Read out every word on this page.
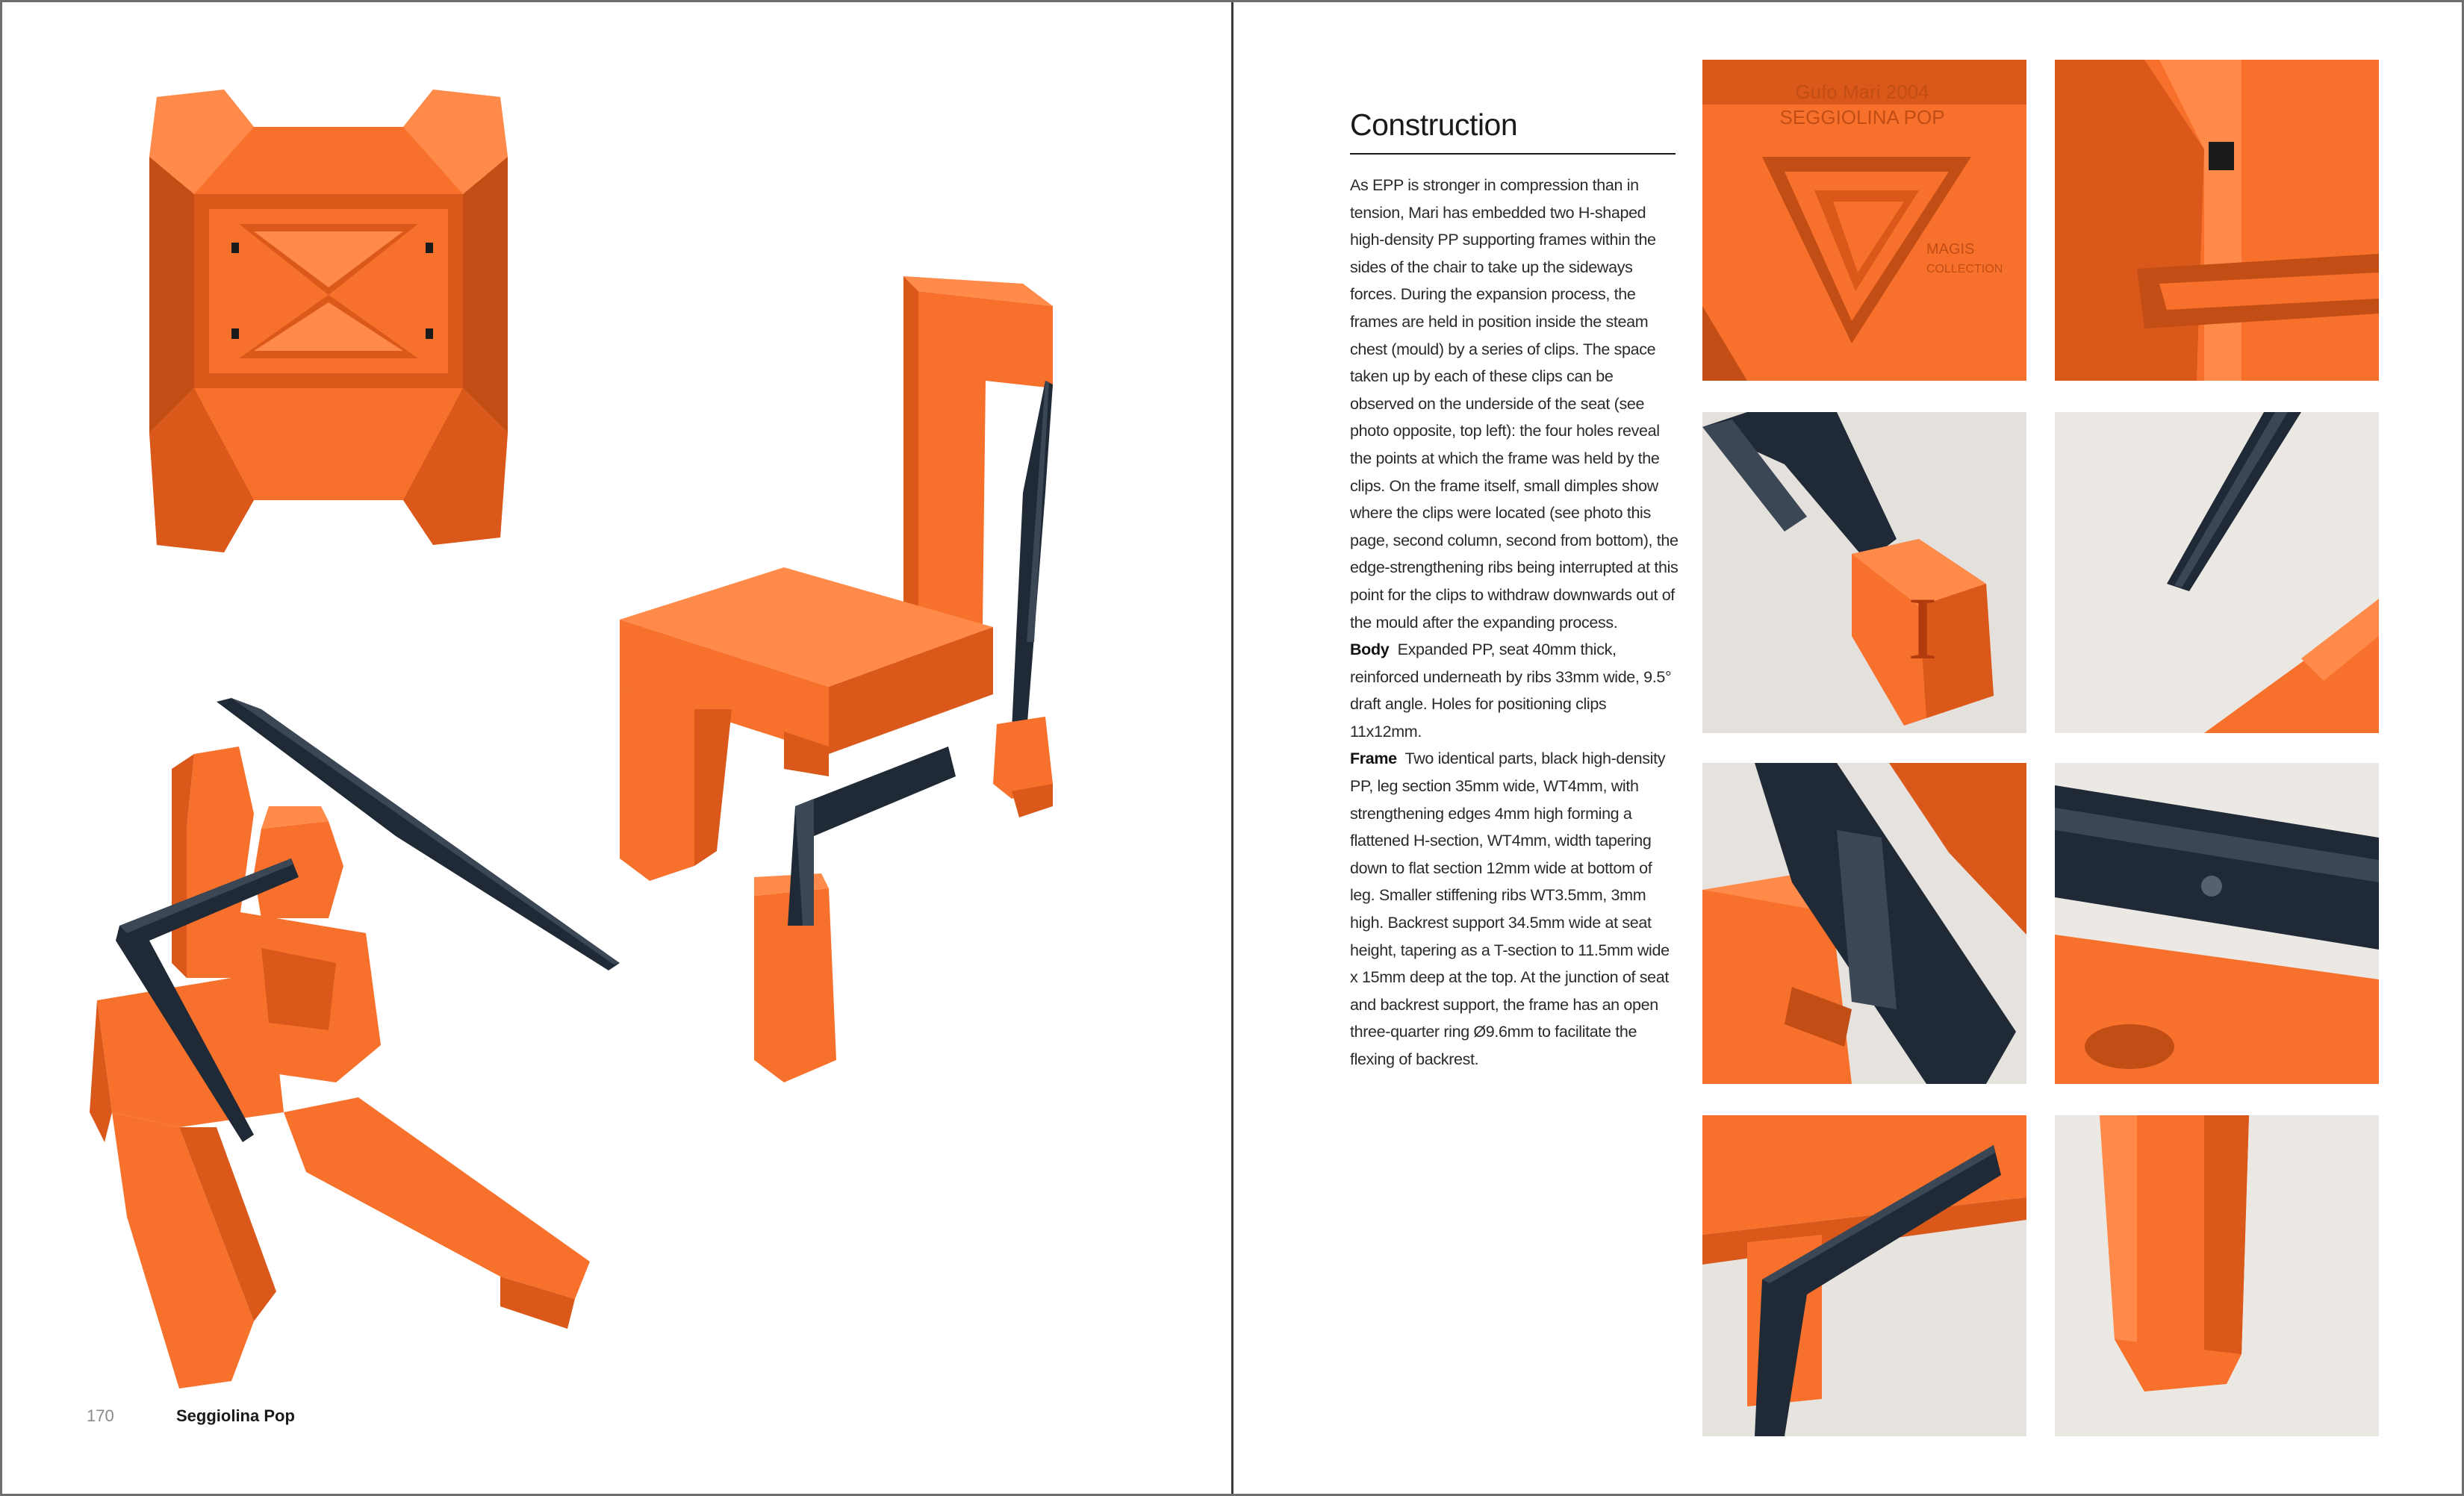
170	Seggiolina Pop
Construction

As EPP is stronger in compression than in tension, Mari has embedded two H-shaped high-density PP supporting frames within the sides of the chair to take up the sideways forces. During the expansion process, the frames are held in position inside the steam chest (mould) by a series of clips. The space taken up by each of these clips can be observed on the underside of the seat (see photo opposite, top left): the four holes reveal the points at which the frame was held by the clips. On the frame itself, small dimples show where the clips were located (see photo this page, second column, second from bottom), the edge-strengthening ribs being interrupted at this point for the clips to withdraw downwards out of the mould after the expanding process.

Body Expanded PP, seat 40mm thick, reinforced underneath by ribs 33mm wide, 9.5° draft angle. Holes for positioning clips 11x12mm.

Frame Two identical parts, black high-density PP, leg section 35mm wide, WT4mm, with strengthening edges 4mm high forming a flattened H-section, WT4mm, width tapering down to flat section 12mm wide at bottom of leg. Smaller stiffening ribs WT3.5mm, 3mm high. Backrest support 34.5mm wide at seat height, tapering as a T-section to 11.5mm wide x 15mm deep at the top. At the junction of seat and backrest support, the frame has an open three-quarter ring Ø9.6mm to facilitate the flexing of backrest.

Gufo Mari 2004
SEGGIOLINA POP
MAGIS
COLLECTION
I
